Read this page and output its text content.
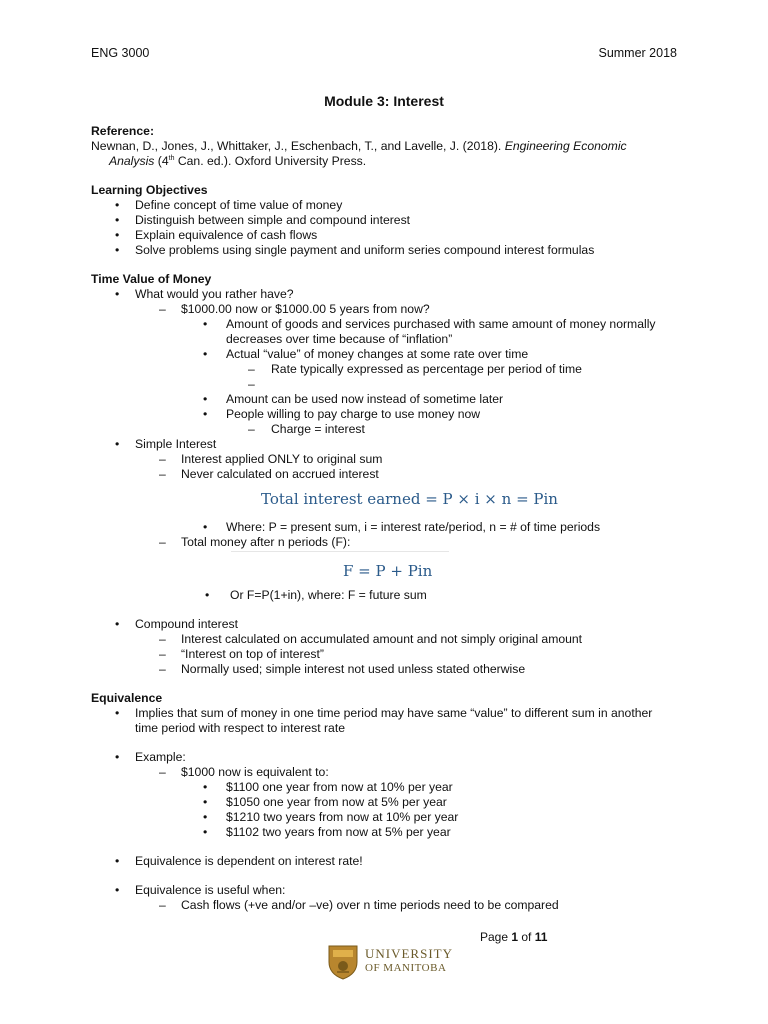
ENG 3000	Summer 2018
Module 3: Interest
Reference:
Newnan, D., Jones, J., Whittaker, J., Eschenbach, T., and Lavelle, J. (2018). Engineering Economic
Analysis (4th Can. ed.). Oxford University Press.
Learning Objectives
• Define concept of time value of money
• Distinguish between simple and compound interest
• Explain equivalence of cash flows
• Solve problems using single payment and uniform series compound interest formulas
Time Value of Money
• What would you rather have?
– $1000.00 now or $1000.00 5 years from now?
• Amount of goods and services purchased with same amount of money normally
decreases over time because of “inflation”
• Actual “value” of money changes at some rate over time
– Rate typically expressed as percentage per period of time
–
• Amount can be used now instead of sometime later
• People willing to pay charge to use money now
– Charge = interest
• Simple Interest
– Interest applied ONLY to original sum
– Never calculated on accrued interest
Total interest earned = P × i × n = Pin
• Where: P = present sum, i = interest rate/period, n = # of time periods
– Total money after n periods (F):
F = P + Pin
• Or F=P(1+in), where: F = future sum
• Compound interest
– Interest calculated on accumulated amount and not simply original amount
– “Interest on top of interest”
– Normally used; simple interest not used unless stated otherwise
Equivalence
• Implies that sum of money in one time period may have same “value” to different sum in another
time period with respect to interest rate
• Example:
– $1000 now is equivalent to:
• $1100 one year from now at 10% per year
• $1050 one year from now at 5% per year
• $1210 two years from now at 10% per year
• $1102 two years from now at 5% per year
• Equivalence is dependent on interest rate!
• Equivalence is useful when:
– Cash flows (+ve and/or –ve) over n time periods need to be compared
Page 1 of 11
UNIVERSITY
OF MANITOBA
